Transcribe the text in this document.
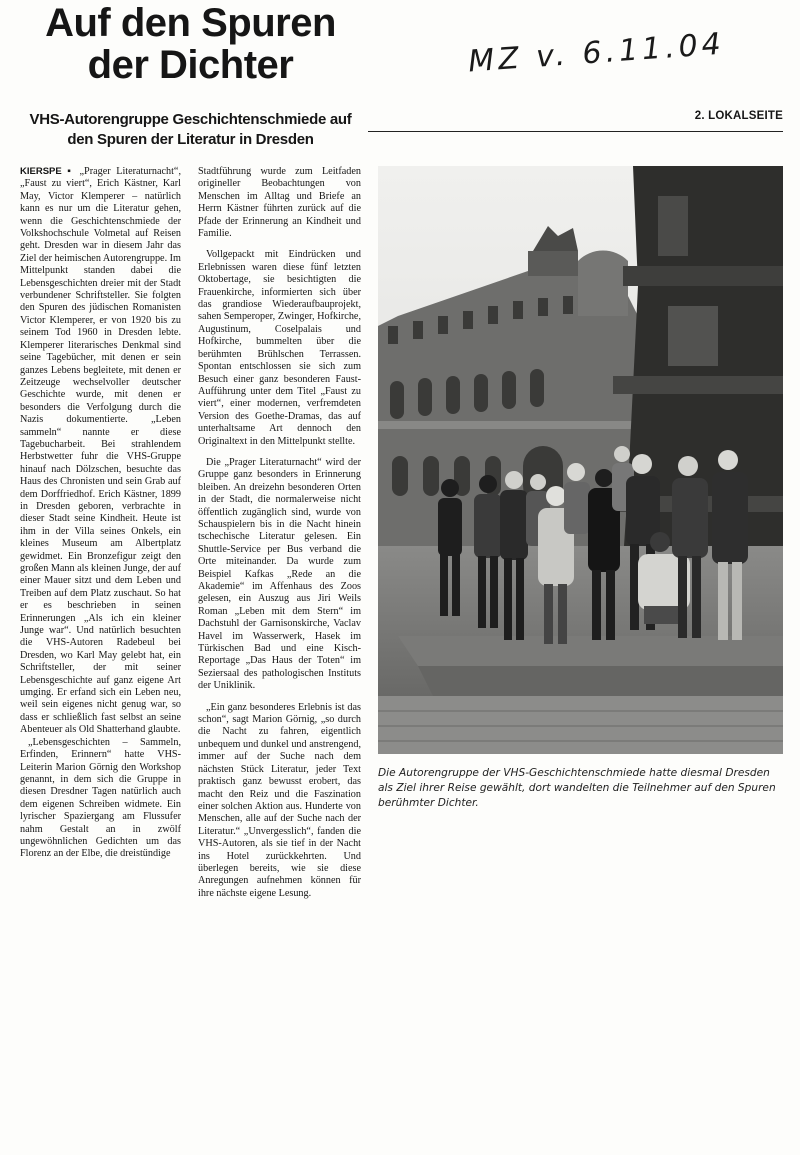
Auf den Spuren der Dichter
VHS-Autorengruppe Geschichtenschmiede auf den Spuren der Literatur in Dresden
MZ v. 6.11.04
2. LOKALSEITE

KIERSPE ▪ „Prager Literaturnacht“, „Faust zu viert“, Erich Kästner, Karl May, Victor Klemperer – natürlich kann es nur um die Literatur gehen, wenn die Geschichtenschmiede der Volkshochschule Volmetal auf Reisen geht. Dresden war in diesem Jahr das Ziel der heimischen Autorengruppe. Im Mittelpunkt standen dabei die Lebensgeschichten dreier mit der Stadt verbundener Schriftsteller. Sie folgten den Spuren des jüdischen Romanisten Victor Klemperer, er von 1920 bis zu seinem Tod 1960 in Dresden lebte. Klemperer literarisches Denkmal sind seine Tagebücher, mit denen er sein ganzes Lebens begleitete, mit denen er Zeitzeuge wechselvoller deutscher Geschichte wurde, mit denen er besonders die Verfolgung durch die Nazis dokumentierte. „Leben sammeln“ nannte er diese Tagebucharbeit. Bei strahlendem Herbstwetter fuhr die VHS-Gruppe hinauf nach Dölzschen, besuchte das Haus des Chronisten und sein Grab auf dem Dorffriedhof. Erich Kästner, 1899 in Dresden geboren, verbrachte in dieser Stadt seine Kindheit. Heute ist ihm in der Villa seines Onkels, ein kleines Museum am Albertplatz gewidmet. Ein Bronzefigur zeigt den großen Mann als kleinen Junge, der auf einer Mauer sitzt und dem Leben und Treiben auf dem Platz zuschaut. So hat er es beschrieben in seinen Erinnerungen „Als ich ein kleiner Junge war“. Und natürlich besuchten die VHS-Autoren Radebeul bei Dresden, wo Karl May gelebt hat, ein Schriftsteller, der mit seiner Lebensgeschichte auf ganz eigene Art umging. Er erfand sich ein Leben neu, weil sein eigenes nicht genug war, so dass er schließlich fast selbst an seine Abenteuer als Old Shatterhand glaubte.

„Lebensgeschichten – Sammeln, Erfinden, Erinnern“ hatte VHS-Leiterin Marion Görnig den Workshop genannt, in dem sich die Gruppe in diesen Dresdner Tagen natürlich auch dem eigenen Schreiben widmete. Ein lyrischer Spaziergang am Flussufer nahm Gestalt an in zwölf ungewöhnlichen Gedichten um das Florenz an der Elbe, die dreistündige

Stadtführung wurde zum Leitfaden origineller Beobachtungen von Menschen im Alltag und Briefe an Herrn Kästner führten zurück auf die Pfade der Erinnerung an Kindheit und Familie.

Vollgepackt mit Eindrücken und Erlebnissen waren diese fünf letzten Oktobertage, sie besichtigten die Frauenkirche, informierten sich über das grandiose Wiederaufbauprojekt, sahen Semperoper, Zwinger, Hofkirche, Augustinum, Coselpalais und Hofkirche, bummelten über die berühmten Brühlschen Terrassen. Spontan entschlossen sie sich zum Besuch einer ganz besonderen Faust-Aufführung unter dem Titel „Faust zu viert“, einer modernen, verfremdeten Version des Goethe-Dramas, das auf unterhaltsame Art dennoch den Originaltext in den Mittelpunkt stellte.

Die „Prager Literaturnacht“ wird der Gruppe ganz besonders in Erinnerung bleiben. An dreizehn besonderen Orten in der Stadt, die normalerweise nicht öffentlich zugänglich sind, wurde von Schauspielern bis in die Nacht hinein tschechische Literatur gelesen. Ein Shuttle-Service per Bus verband die Orte miteinander. Da wurde zum Beispiel Kafkas „Rede an die Akademie“ im Affenhaus des Zoos gelesen, ein Auszug aus Jiri Weils Roman „Leben mit dem Stern“ im Dachstuhl der Garnisonskirche, Vaclav Havel im Wasserwerk, Hasek im Türkischen Bad und eine Kisch-Reportage „Das Haus der Toten“ im Seziersaal des pathologischen Instituts der Uniklinik.

„Ein ganz besonderes Erlebnis ist das schon“, sagt Marion Görnig, „so durch die Nacht zu fahren, eigentlich unbequem und dunkel und anstrengend, immer auf der Suche nach dem nächsten Stück Literatur, jeder Text praktisch ganz bewusst erobert, das macht den Reiz und die Faszination einer solchen Aktion aus. Hunderte von Menschen, alle auf der Suche nach der Literatur.“ „Unvergesslich“, fanden die VHS-Autoren, als sie tief in der Nacht ins Hotel zurückkehrten. Und überlegen bereits, wie sie diese Anregungen aufnehmen können für ihre nächste eigene Lesung.

Die Autorengruppe der VHS-Geschichtenschmiede hatte diesmal Dresden als Ziel ihrer Reise gewählt, dort wandelten die Teilnehmer auf den Spuren berühmter Dichter.
